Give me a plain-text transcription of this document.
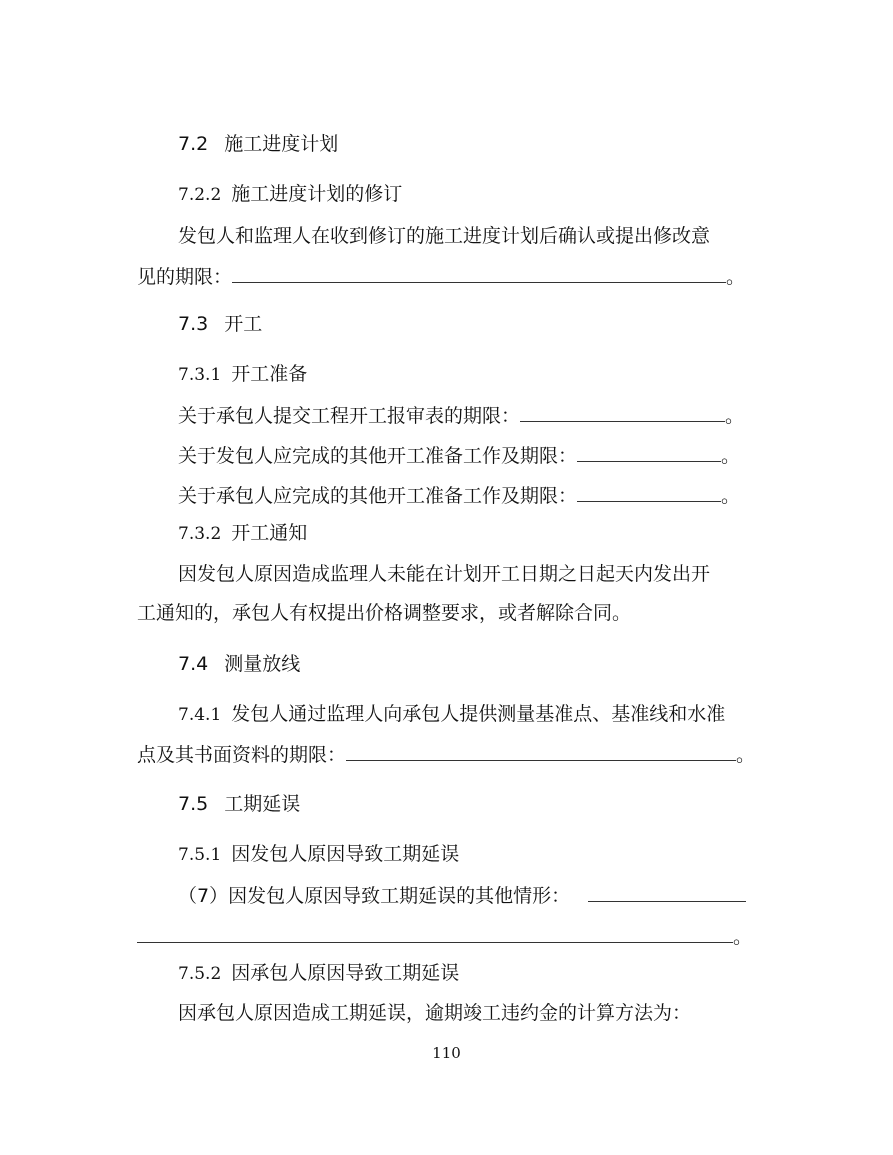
7.2 施工进度计划
7.2.2 施工进度计划的修订
发包人和监理人在收到修订的施工进度计划后确认或提出修改意
见的期限：	。
7.3 开工
7.3.1 开工准备
关于承包人提交工程开工报审表的期限：	。
关于发包人应完成的其他开工准备工作及期限：	。
关于承包人应完成的其他开工准备工作及期限：	。
7.3.2 开工通知
因发包人原因造成监理人未能在计划开工日期之日起天内发出开
工通知的，承包人有权提出价格调整要求，或者解除合同。
7.4 测量放线
7.4.1 发包人通过监理人向承包人提供测量基准点、基准线和水准
点及其书面资料的期限：	。
7.5 工期延误
7.5.1 因发包人原因导致工期延误
（7）因发包人原因导致工期延误的其他情形：
。
7.5.2 因承包人原因导致工期延误
因承包人原因造成工期延误，逾期竣工违约金的计算方法为：
110
